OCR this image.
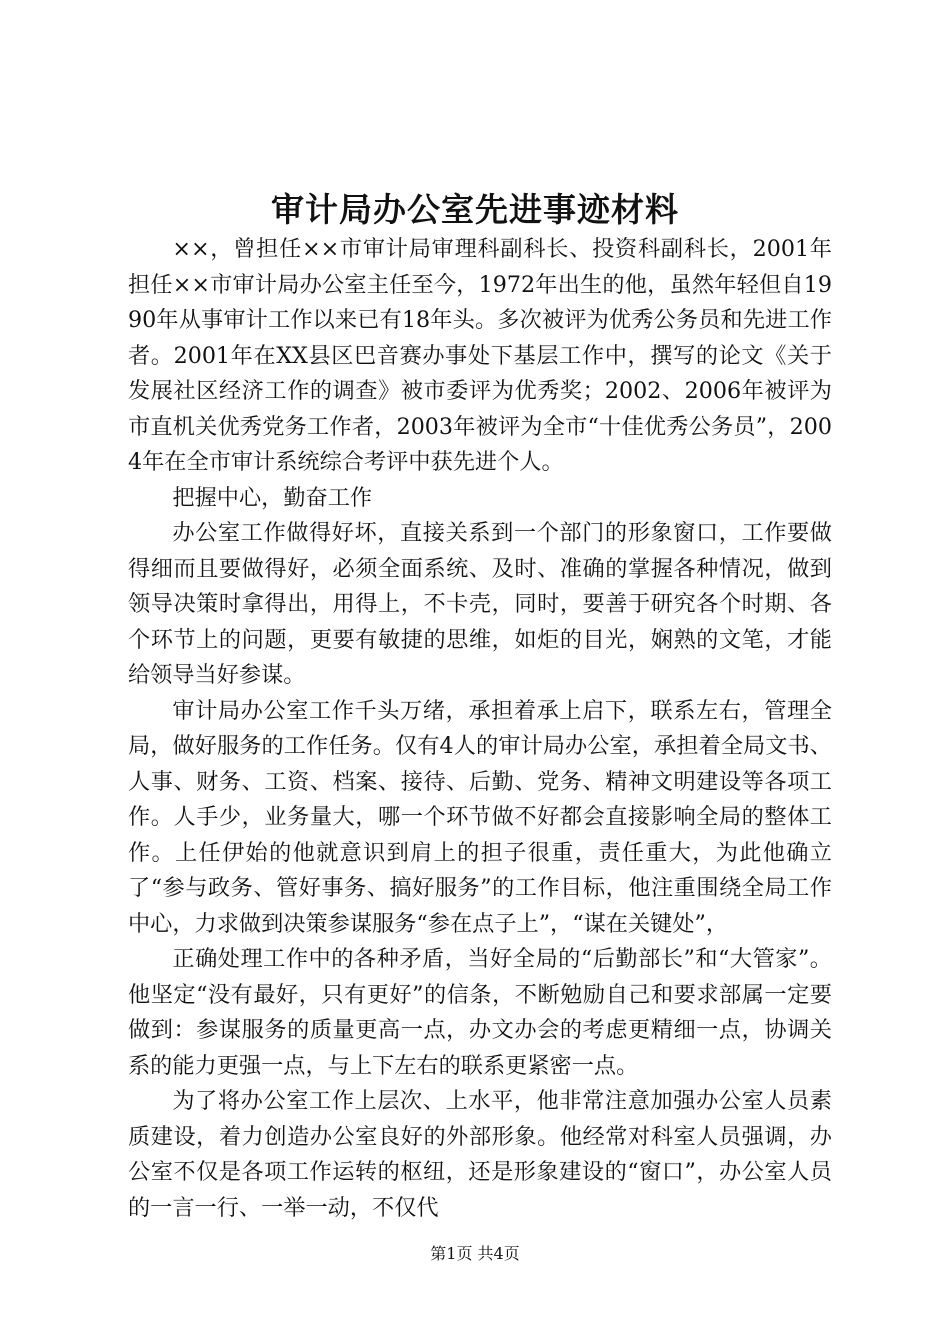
审计局办公室先进事迹材料

××，曾担任××市审计局审理科副科长、投资科副科长，2001年担任××市审计局办公室主任至今，1972年出生的他，虽然年轻但自1990年从事审计工作以来已有18年头。多次被评为优秀公务员和先进工作者。2001年在XX县区巴音赛办事处下基层工作中，撰写的论文《关于发展社区经济工作的调查》被市委评为优秀奖；2002、2006年被评为市直机关优秀党务工作者，2003年被评为全市“十佳优秀公务员”，2004年在全市审计系统综合考评中获先进个人。

把握中心，勤奋工作

办公室工作做得好坏，直接关系到一个部门的形象窗口，工作要做得细而且要做得好，必须全面系统、及时、准确的掌握各种情况，做到领导决策时拿得出，用得上，不卡壳，同时，要善于研究各个时期、各个环节上的问题，更要有敏捷的思维，如炬的目光，娴熟的文笔，才能给领导当好参谋。

审计局办公室工作千头万绪，承担着承上启下，联系左右，管理全局，做好服务的工作任务。仅有4人的审计局办公室，承担着全局文书、人事、财务、工资、档案、接待、后勤、党务、精神文明建设等各项工作。人手少，业务量大，哪一个环节做不好都会直接影响全局的整体工作。上任伊始的他就意识到肩上的担子很重，责任重大，为此他确立了“参与政务、管好事务、搞好服务”的工作目标，他注重围绕全局工作中心，力求做到决策参谋服务“参在点子上”，“谋在关键处”，

正确处理工作中的各种矛盾，当好全局的“后勤部长”和“大管家”。他坚定“没有最好，只有更好”的信条，不断勉励自己和要求部属一定要做到：参谋服务的质量更高一点，办文办会的考虑更精细一点，协调关系的能力更强一点，与上下左右的联系更紧密一点。

为了将办公室工作上层次、上水平，他非常注意加强办公室人员素质建设，着力创造办公室良好的外部形象。他经常对科室人员强调，办公室不仅是各项工作运转的枢纽，还是形象建设的“窗口”，办公室人员的一言一行、一举一动，不仅代

第1页 共4页
